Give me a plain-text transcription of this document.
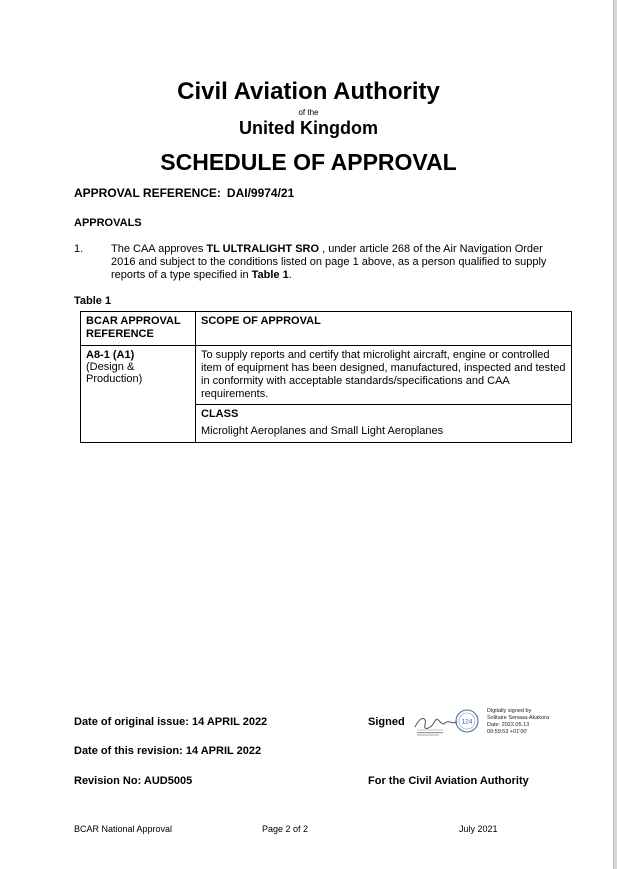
Civil Aviation Authority
of the
United Kingdom
SCHEDULE OF APPROVAL
APPROVAL REFERENCE: DAI/9974/21
APPROVALS
1.	The CAA approves TL ULTRALIGHT SRO , under article 268 of the Air Navigation Order 2016 and subject to the conditions listed on page 1 above, as a person qualified to supply reports of a type specified in Table 1.
Table 1
BCAR APPROVAL REFERENCE	SCOPE OF APPROVAL

A8-1 (A1)
(Design & Production)	To supply reports and certify that microlight aircraft, engine or controlled item of equipment has been designed, manufactured, inspected and tested in conformity with acceptable standards/specifications and CAA requirements.

	CLASS
Microlight Aeroplanes and Small Light Aeroplanes
Date of original issue: 14 APRIL 2022
Date of this revision: 14 APRIL 2022
Revision No: AUD5005
Signed
For the Civil Aviation Authority
124
Digitally signed by
Solitaire Serwaa-Akakora
Date: 2022.05.13
09:59:53 +01'00'
BCAR National Approval	Page 2 of 2	July 2021
